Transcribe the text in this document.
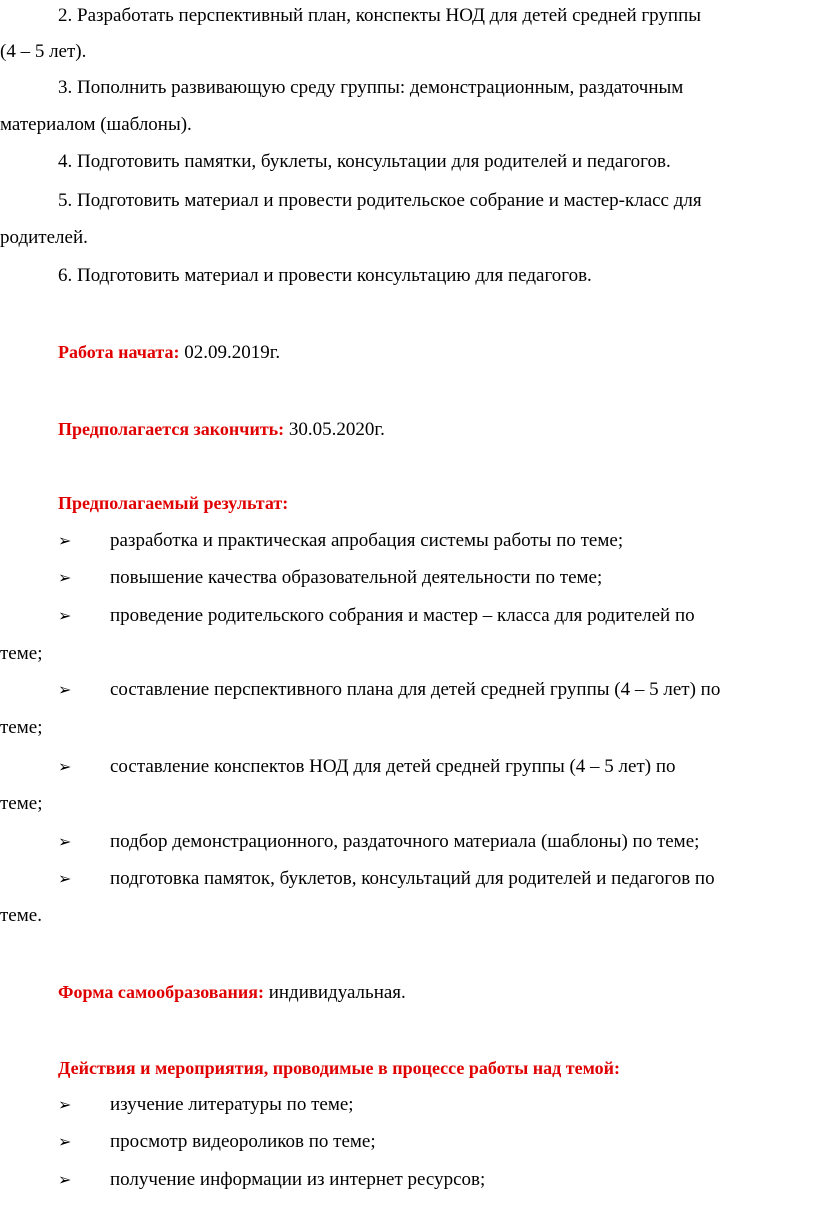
2. Разработать перспективный план, конспекты НОД для детей средней группы
(4 – 5 лет).
3. Пополнить развивающую среду группы: демонстрационным, раздаточным
материалом (шаблоны).
4. Подготовить памятки, буклеты, консультации для родителей и педагогов.
5. Подготовить материал и провести родительское собрание и мастер-класс для
родителей.
6. Подготовить материал и провести консультацию для педагогов.
Работа начата: 02.09.2019г.
Предполагается закончить: 30.05.2020г.
Предполагаемый результат:
➢	разработка и практическая апробация системы работы по теме;
➢	повышение качества образовательной деятельности по теме;
➢	проведение родительского собрания и мастер – класса для родителей по
теме;
➢	составление перспективного плана для детей средней группы (4 – 5 лет) по
теме;
➢	составление конспектов НОД для детей средней группы (4 – 5 лет) по
теме;
➢	подбор демонстрационного, раздаточного материала (шаблоны) по теме;
➢	подготовка памяток, буклетов, консультаций для родителей и педагогов по
теме.
Форма самообразования: индивидуальная.
Действия и мероприятия, проводимые в процессе работы над темой:
➢	изучение литературы по теме;
➢	просмотр видеороликов по теме;
➢	получение информации из интернет ресурсов;
